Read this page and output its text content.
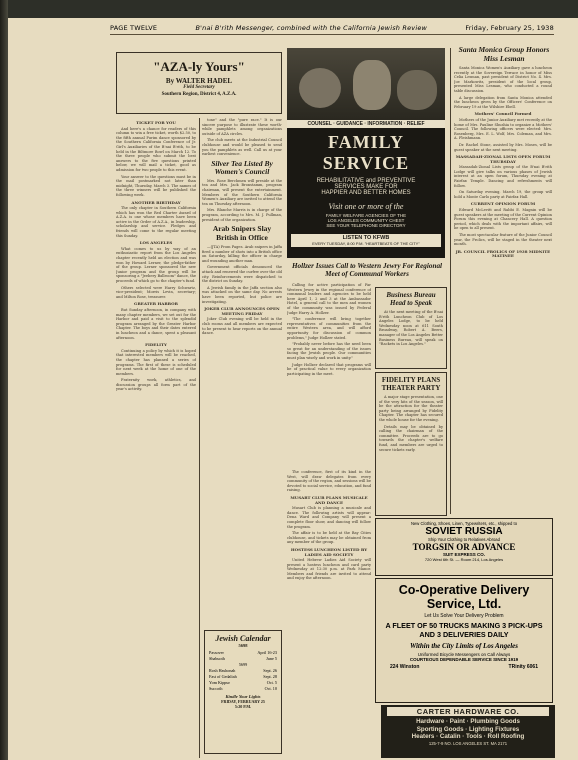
PAGE TWELVE	B'nai B'rith Messenger, combined with the California Jewish Review	Friday, February 25, 1938
"AZA-ly Yours"
By WALTER HADEL
Field Secretary
Southern Region, District 4, A.Z.A.
TICKET FOR YOU

And here's a chance for readers of this column to win a free ticket, worth $2.50, to the fifth annual Purim dance sponsored by the Southern California Conference of Jr. Girl's Auxiliaries of the B'nai B'rith, to be held in the Biltmore Bowl on March 12. To the three people who submit the best answers to the five questions printed below, we will mail a ticket, good as admission for two people to this event.

Your answer to the questions must be in the mail postmarked not later than midnight, Thursday, March 3. The names of the three winners will be published the following week.

ANOTHER BIRTHDAY

The only chapter in Southern California which has won the Red Charter Award of A.Z.A. is one whose members have been active in the Order of A.Z.A., in leadership, scholarship and service. Pledges and friends will come to the regular meeting this Sunday.

LOS ANGELES

What comes to us by way of an enthusiastic report from the Los Angeles chapter recently held an election and was won by Howard Lerner, the pledge-father of the group. Lerner sponsored the new Junior program and the group will be sponsoring a "Jeebery Ballroom" dance, the proceeds of which go to the chapter's fund.

Others selected were Harry Schwartz, vice-president; Morris Levin, secretary; and Milton Rose, treasurer.

GREATER HARBOR

But Sunday afternoon, in company with many chapter members, we set out for the Harbor and paid a visit to the splendid program arranged by the Greater Harbor Chapter. The boys and their dates entered in luncheon and a dance, spent a pleasant afternoon.

FIDELITY

Continuing a policy by which it is hoped that interested members will be reached, the chapter has planned a series of programs. The first of these is scheduled for next week at the home of one of the members.

Fraternity work, athletics, and discussion groups all form part of the year's activity.

tone" and the "pure race." It is our sincere purpose to illustrate these worth-while pamphlets among organizations outside of AZA circles.

The club meets at the Industrial Council clubhouse and would be pleased to send you the pamphlets as well. Call us at your earliest convenience.

Silver Tea Listed By Women's Council

Mrs. Rose Berchmen will preside at the tea and Mrs. Jack Bronstamm, program chairman, will present the entertainment. Members of the Southern California Women's Auxiliary are invited to attend the tea on Thursday afternoon.

Mrs. Blanche Marris is in charge of the program, according to Mrs. M. J. Pullman, president of the organization.

Arab Snipers Slay British in Office

—(JTA) From Pages. Arab snipers in Jaffa fired a number of shots into a British office on Saturday, killing the officer in charge and wounding another man.

Government officials denounced the attack and renewed the curfew over the old city. Reinforcements were dispatched to the district on Sunday.

A Jewish family in the Jaffa section also was attacked on the same day. No arrests have been reported, but police are investigating.

JOKER CLUB ANNOUNCES OPEN MEETING FRIDAY

Joker Club evening will be held in the club rooms and all members are expected to be present to hear reports on the annual dance.

Jewish Calendar
5698
Passover	April 16-23
Shabuoth	June 5
5699
Rosh Hashonah	Sept. 26
Fast of Gedaliah	Sept. 28
Yom Kippur	Oct. 5
Succoth	Oct. 10
Kindle Your Lights
FRIDAY, FEBRUARY 25
5:20 P.M.
COUNSEL · GUIDANCE · INFORMATION · RELIEF
FAMILY SERVICE
REHABILITATIVE and PREVENTIVE
SERVICES MAKE FOR
HAPPIER AND BETTER HOMES
Visit one or more of the
FAMILY WELFARE AGENCIES OF THE
LOS ANGELES COMMUNITY CHEST
SEE YOUR TELEPHONE DIRECTORY
LISTEN TO KFWB
EVERY TUESDAY, 8:00 P.M. "HEARTBEATS OF THE CITY"
Hollzer Issues Call to Western Jewry For Regional Meet of Communal Workers

Calling for active participation of Far Western Jewry in the regional conference of communal leaders and agencies to be held here April 1, 2 and 3 at the Ambassador Hotel, a general call to the men and women of the community was issued by Federal Judge Harry A. Hollzer.

"The conference will bring together representatives of communities from the entire Western area, and will afford opportunity for discussion of common problems," Judge Hollzer stated.

"Probably never before has the need been so great for an understanding of the issues facing the Jewish people. Our communities must plan wisely and work in unity."

Judge Hollzer declared that programs will be of practical value to every organization participating in the meet.

Business Bureau Head to Speak

At the next meeting of the B'nai B'rith Luncheon Club of Los Angeles Lodge, to be held Wednesday noon at 611 South Broadway, Robert A. Beers, manager of the Los Angeles Better Business Bureau, will speak on "Rackets in Los Angeles."

FIDELITY PLANS THEATER PARTY

A major stage presentation, one of the very hits of the season, will be the attraction for the theater party being arranged by Fidelity Chapter. The chapter has secured the whole house for the evening.

Details may be obtained by calling the chairman of the committee. Proceeds are to go towards the chapter's welfare fund, and members are urged to secure tickets early.

The conference, first of its kind in the West, will draw delegates from every community of the region, and sessions will be devoted to social service, education, and fund raising.

MUSART CLUB PLANS MUSICALE AND DANCE

Musart Club is planning a musicale and dance. The following artists will appear: Dena Ward and Company will present a complete floor show, and dancing will follow the program.

The affair is to be held at the Bay Cities clubhouse, and tickets may be obtained from any member of the group.

HOSTESS LUNCHEON LISTED BY LADIES AID SOCIETY

United Hebrew Ladies Aid Society will present a hostess luncheon and card party Wednesday at 12:30 p.m. at Park Manor. Members and friends are invited to attend and enjoy the afternoon.

New Clothing, Shoes, Linen, Typewriters, etc., shipped to
SOVIET RUSSIA
Ship Your Clothing to Relatives Abroad
TORGSIN OR ADVANCE
SUIT EXPRESS CO.
720 West 6th St. — Room 214, Los Angeles
Co-Operative Delivery Service, Ltd.
Let Us Solve Your Delivery Problem
A FLEET OF 50 TRUCKS MAKING 3 PICK-UPS AND 3 DELIVERIES DAILY
Within the City Limits of Los Angeles
Uniformed Bicycle Messengers on Call Always
COURTEOUS DEPENDABLE SERVICE SINCE 1919
224 Winston	TRinity 6061
CARTER HARDWARE CO.
Hardware · Paint · Plumbing Goods
Sporting Goods · Lighting Fixtures
Heaters · Catalin · Tools · Roll Roofing
125-7-9 NO. LOS ANGELES ST. MA 2171
Santa Monica Group Honors Miss Lesman

Santa Monica Women's Auxiliary gave a luncheon recently at the Sovereign Terrace in honor of Miss Celia Lesman, past president of District No. 4. Mrs. Joe Markowitz, president of the local group, presented Miss Lesman, who conducted a round table discussion.

A large delegation from Santa Monica attended the luncheon given by the Officers' Conference on February 19 at the Wilshire Ebell.

Mothers' Council Formed

Mothers of the Junior Auxiliary met recently at the home of Mrs. Pauline Shushia to organize a Mothers' Council. The following officers were elected: Mrs. Rosenberg, Mrs. E. L. Wolf, Mrs. Coleman, and Mrs. A. Fleishmann.

Dr. Rachel Stone, assisted by Mrs. Moses, will be guest speaker at the next meeting.

MASSADAH-ZIONAL LISTS OPEN FORUM THURSDAY

Massadah-Zional Lists group of the B'nai B'rith Lodge will give talks on various phases of Jewish interest at an open forum, Thursday evening at Fairfax Temple. Dancing and refreshments will follow.

On Saturday evening, March 19, the group will hold a Monte Carlo party at Fairfax Hall.

CURRENT OPINION FORUM

Edward McLevitt and Rabbi E. Magnin will be guest speakers at the meeting of the Current Opinion Forum this evening at Chancery Hall. A question period, which deals with the important affairs, will be open to all present.

The most spectacular feature of the Junior Council year, the Frolics, will be staged in the theater next month.

JR. COUNCIL FROLICS OF 1938 MIDNITE MATINEE
